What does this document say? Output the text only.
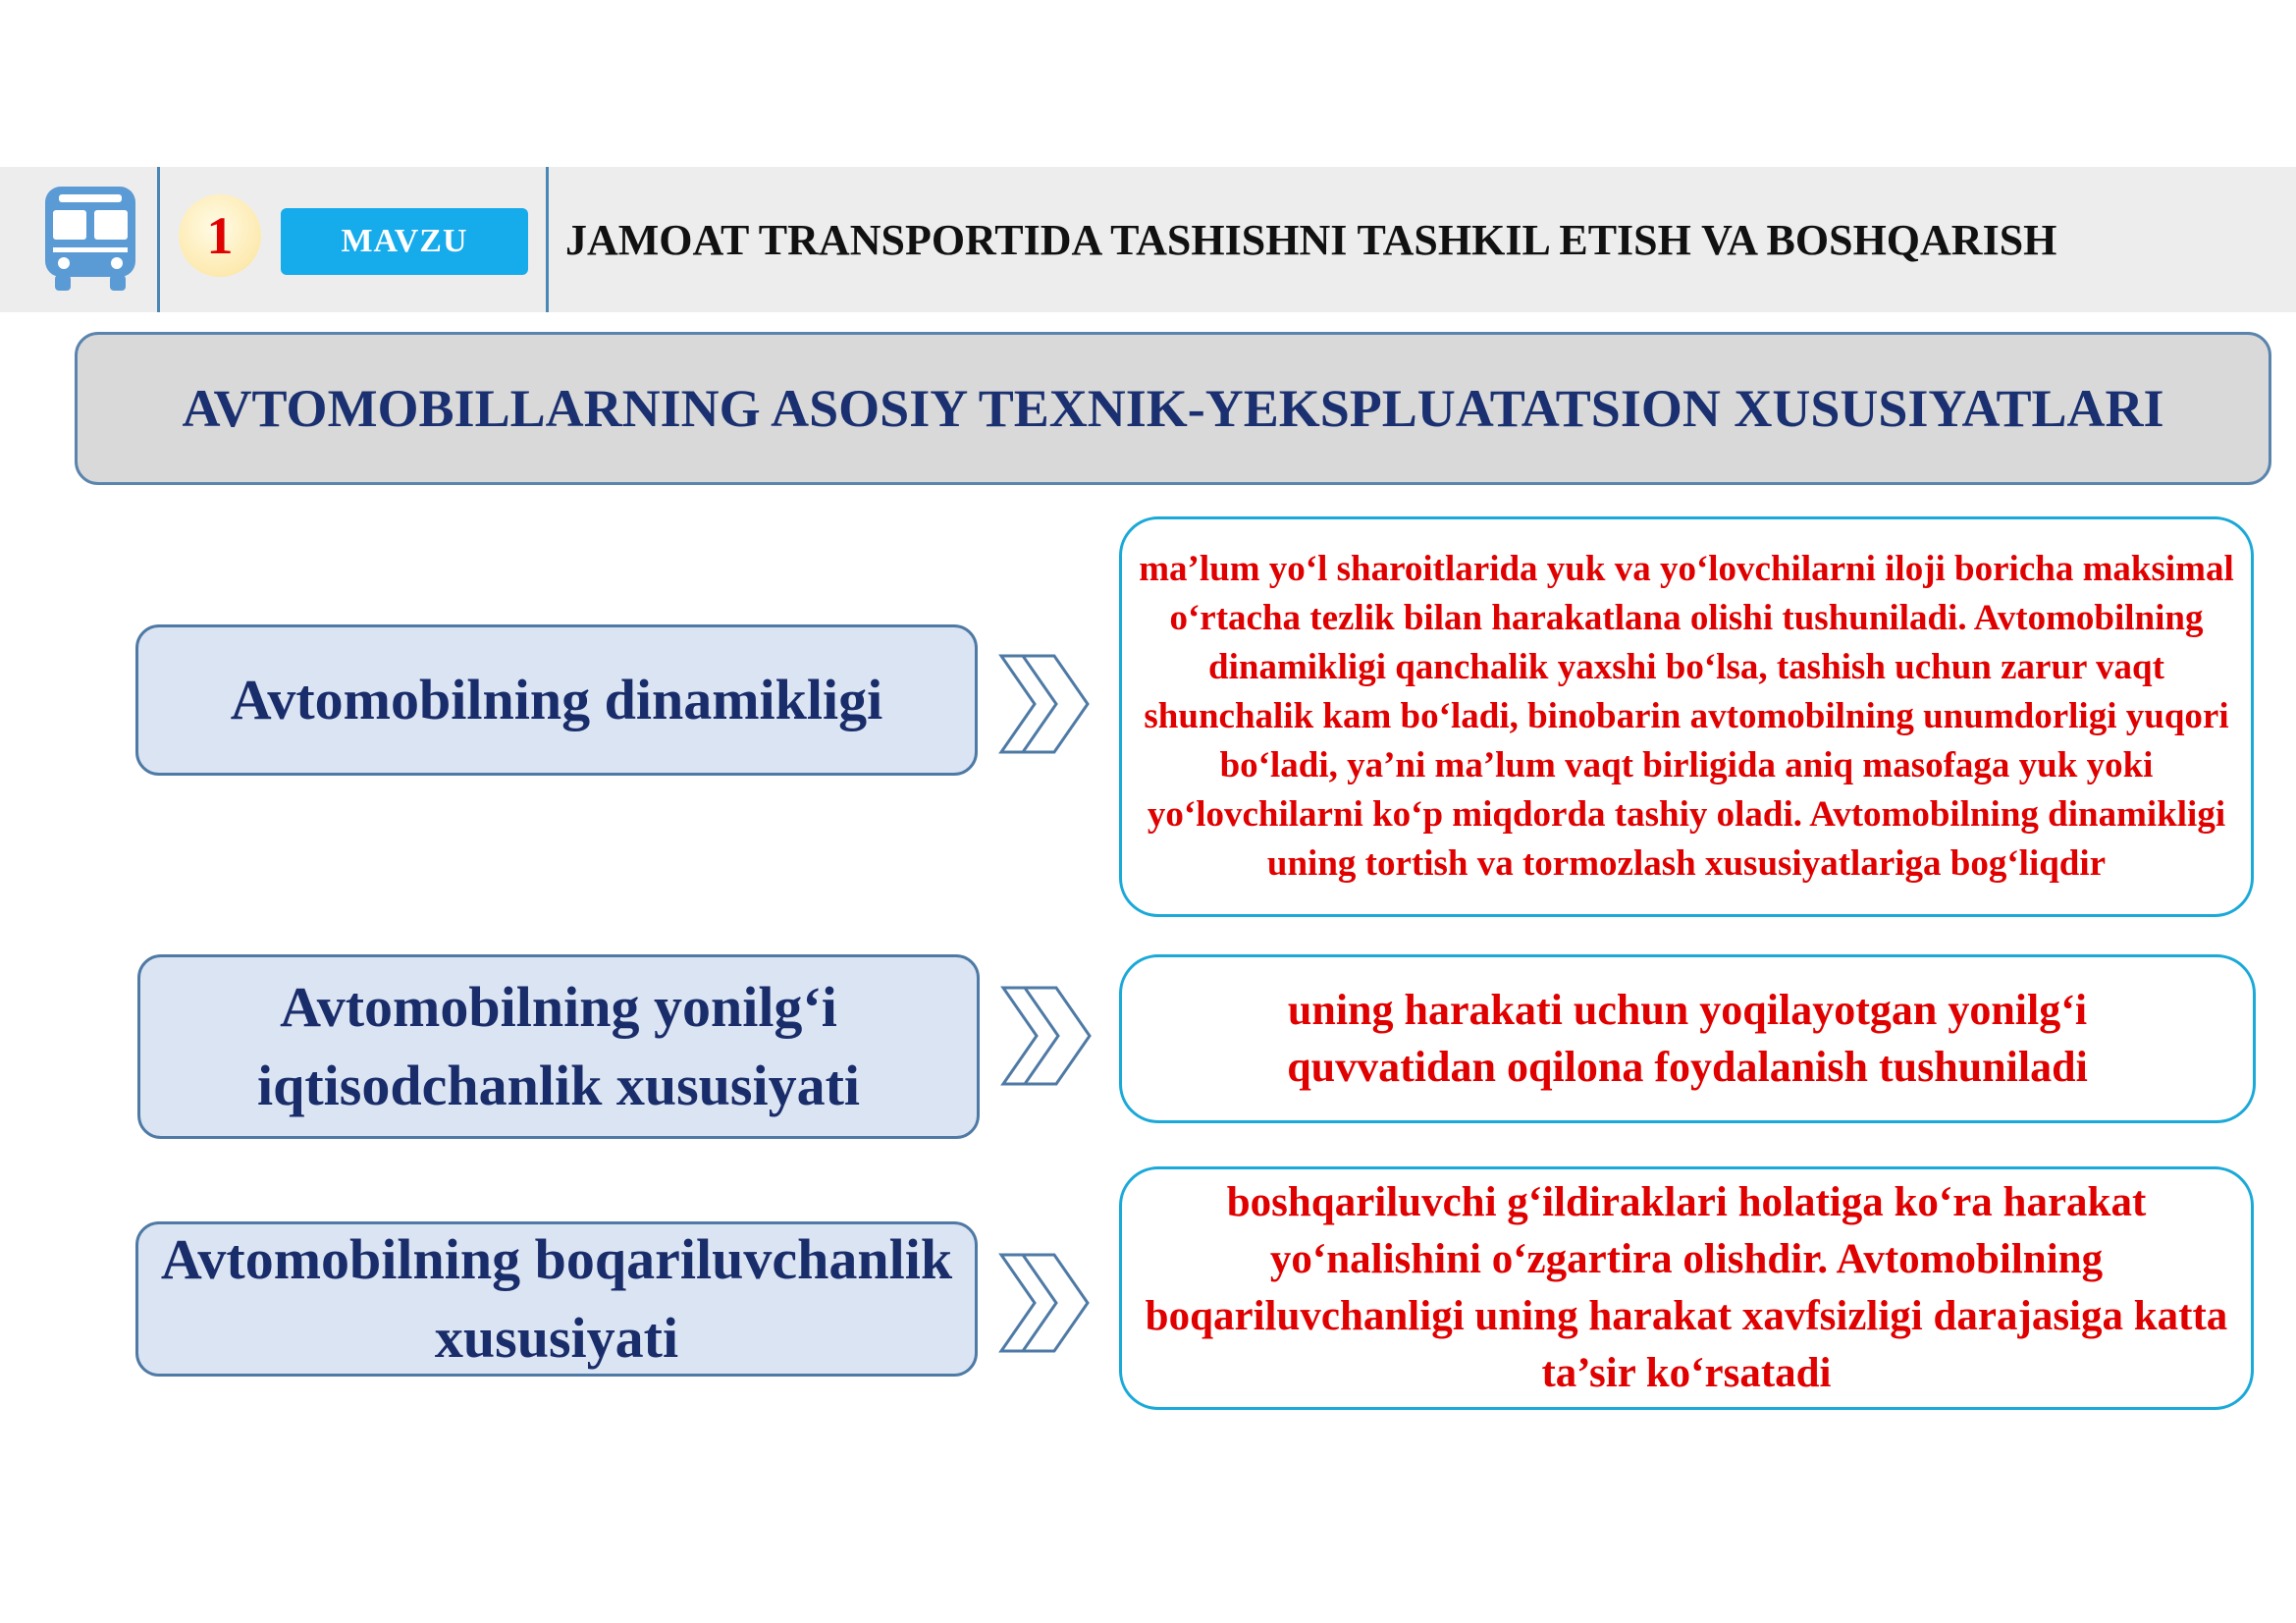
1	MAVZU	JAMOAT TRANSPORTIDA TASHISHNI TASHKIL ETISH VA BOSHQARISH
AVTOMOBILLARNING ASOSIY TEXNIK-YEKSPLUATATSION XUSUSIYATLARI
Avtomobilning dinamikligi
ma’lum yo‘l sharoitlarida yuk va yo‘lovchilarni iloji boricha maksimal o‘rtacha tezlik bilan harakatlana olishi tushuniladi. Avtomobilning dinamikligi qanchalik yaxshi bo‘lsa, tashish uchun zarur vaqt shunchalik kam bo‘ladi, binobarin avtomobilning unumdorligi yuqori bo‘ladi, ya’ni ma’lum vaqt birligida aniq masofaga yuk yoki yo‘lovchilarni ko‘p miqdorda tashiy oladi. Avtomobilning dinamikligi uning tortish va tormozlash xususiyatlariga bog‘liqdir
Avtomobilning yonilg‘i iqtisodchanlik xususiyati
uning harakati uchun yoqilayotgan yonilg‘i quvvatidan oqilona foydalanish tushuniladi
Avtomobilning boqariluvchanlik xususiyati
boshqariluvchi g‘ildiraklari holatiga ko‘ra harakat yo‘nalishini o‘zgartira olishdir. Avtomobilning boqariluvchanligi uning harakat xavfsizligi darajasiga katta ta’sir ko‘rsatadi
